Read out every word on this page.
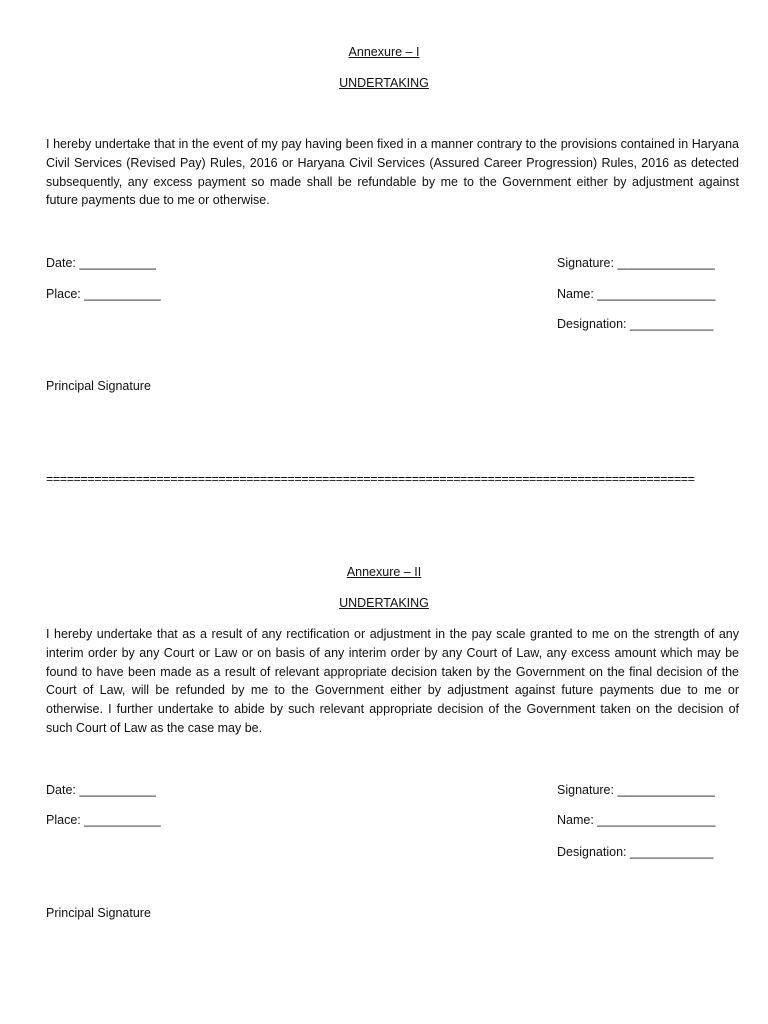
Annexure – I
UNDERTAKING
I hereby undertake that in the event of my pay having been fixed in a manner contrary to the provisions contained in Haryana Civil Services (Revised Pay) Rules, 2016 or Haryana Civil Services (Assured Career Progression) Rules, 2016 as detected subsequently, any excess payment so made shall be refundable by me to the Government either by adjustment against future payments due to me or otherwise.
Date: ___________
Place: ___________
Signature: ______________
Name: _________________
Designation: ____________
Principal Signature
==============================================================================================
Annexure – II
UNDERTAKING
I hereby undertake that as a result of any rectification or adjustment in the pay scale granted to me on the strength of any interim order by any Court or Law or on basis of any interim order by any Court of Law, any excess amount which may be found to have been made as a result of relevant appropriate decision taken by the Government on the final decision of the Court of Law, will be refunded by me to the Government either by adjustment against future payments due to me or otherwise. I further undertake to abide by such relevant appropriate decision of the Government taken on the decision of such Court of Law as the case may be.
Date: ___________
Place: ___________
Signature: ______________
Name: _________________
Designation: ____________
Principal Signature
